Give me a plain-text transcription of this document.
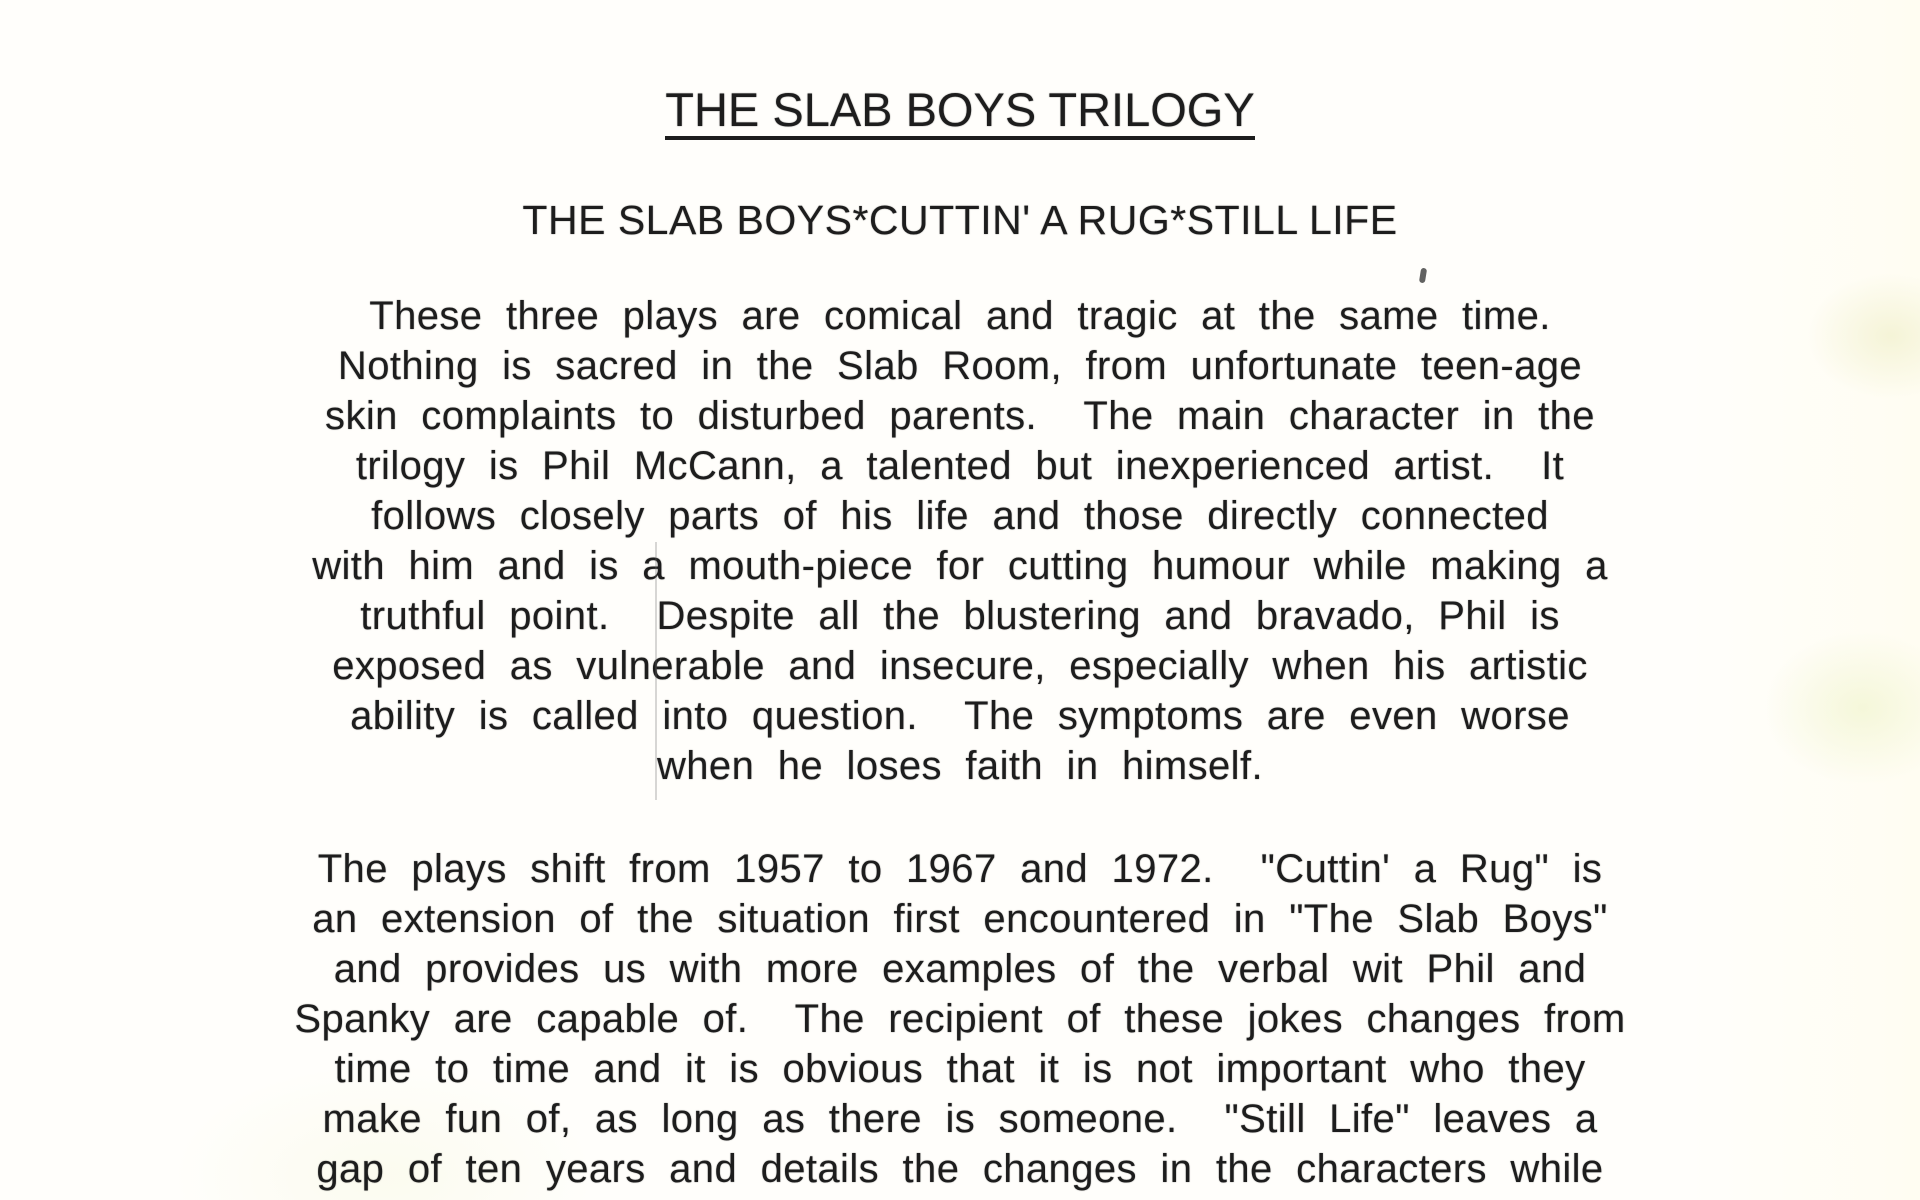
THE SLAB BOYS TRILOGY
THE SLAB BOYS*CUTTIN' A RUG*STILL LIFE
These three plays are comical and tragic at the same time.
Nothing is sacred in the Slab Room, from unfortunate teen-age
skin complaints to disturbed parents.  The main character in the
trilogy is Phil McCann, a talented but inexperienced artist.  It
follows closely parts of his life and those directly connected
with him and is a mouth-piece for cutting humour while making a
truthful point.  Despite all the blustering and bravado, Phil is
exposed as vulnerable and insecure, especially when his artistic
ability is called into question.  The symptoms are even worse
when he loses faith in himself.
The plays shift from 1957 to 1967 and 1972.  "Cuttin' a Rug" is
an extension of the situation first encountered in "The Slab Boys"
and provides us with more examples of the verbal wit Phil and
Spanky are capable of.  The recipient of these jokes changes from
time to time and it is obvious that it is not important who they
make fun of, as long as there is someone.  "Still Life" leaves a
gap of ten years and details the changes in the characters while
